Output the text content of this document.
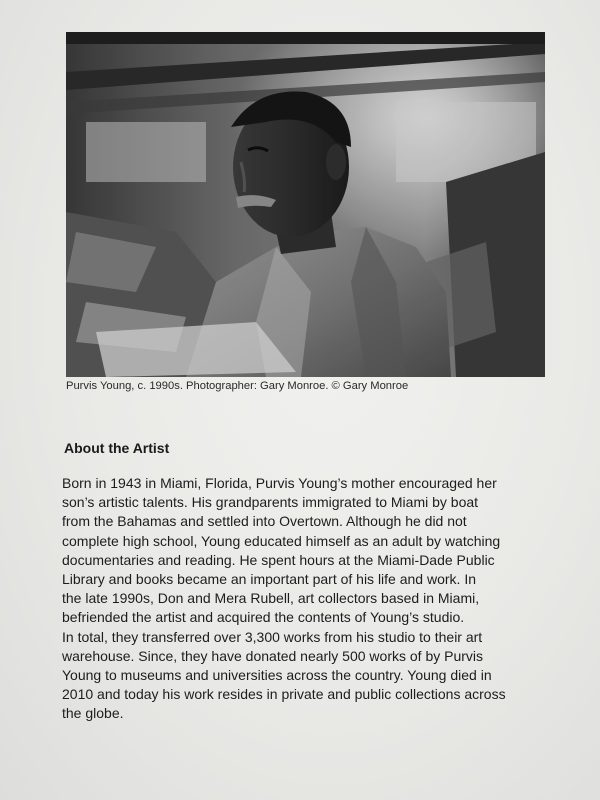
Purvis Young, c. 1990s. Photographer: Gary Monroe. © Gary Monroe
About the Artist
Born in 1943 in Miami, Florida, Purvis Young’s mother encouraged her
son’s artistic talents. His grandparents immigrated to Miami by boat
from the Bahamas and settled into Overtown. Although he did not
complete high school, Young educated himself as an adult by watching
documentaries and reading. He spent hours at the Miami-Dade Public
Library and books became an important part of his life and work. In
the late 1990s, Don and Mera Rubell, art collectors based in Miami,
befriended the artist and acquired the contents of Young’s studio.
In total, they transferred over 3,300 works from his studio to their art
warehouse. Since, they have donated nearly 500 works of by Purvis
Young to museums and universities across the country. Young died in
2010 and today his work resides in private and public collections across
the globe.
